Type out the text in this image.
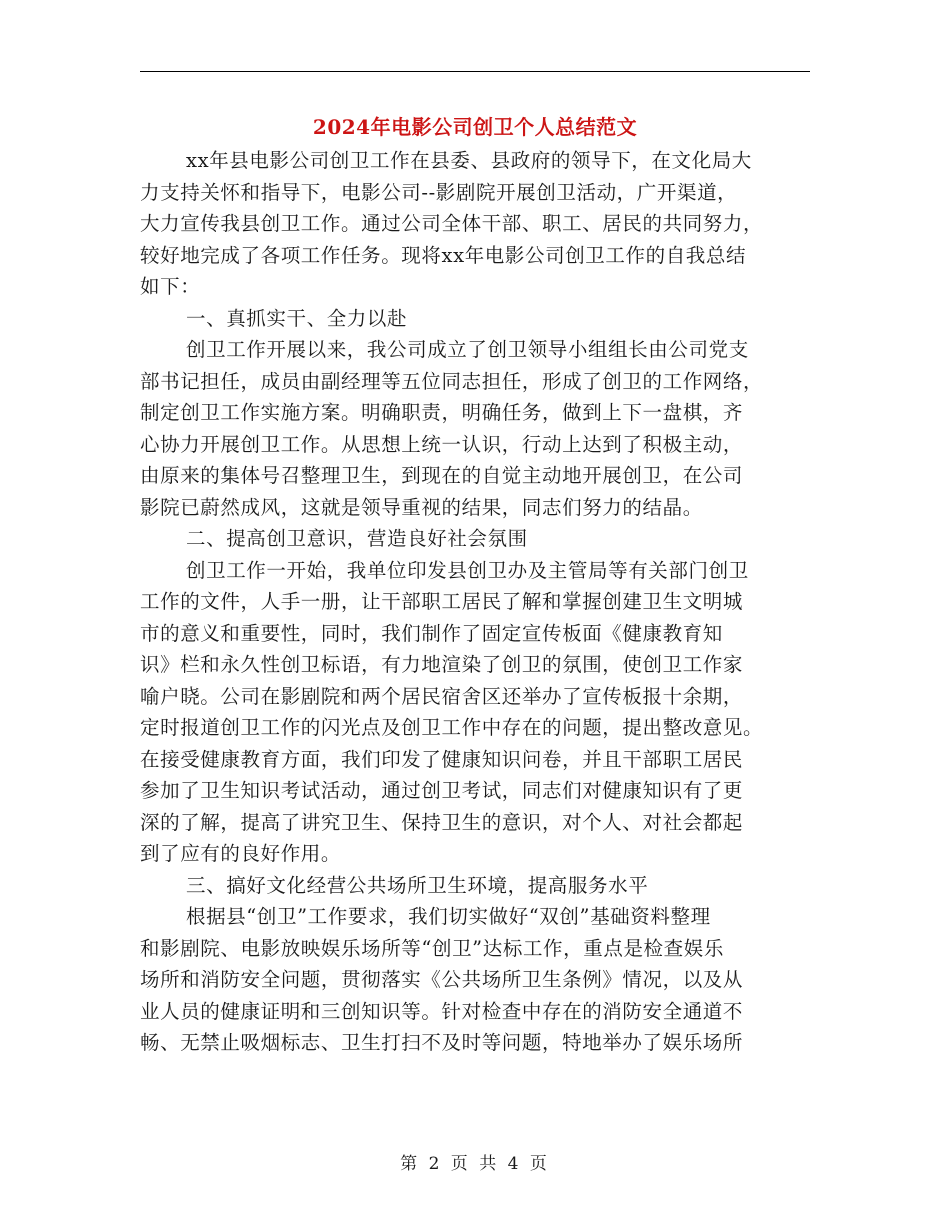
2024年电影公司创卫个人总结范文
xx年县电影公司创卫工作在县委、县政府的领导下，在文化局大
力支持关怀和指导下，电影公司--影剧院开展创卫活动，广开渠道，
大力宣传我县创卫工作。通过公司全体干部、职工、居民的共同努力，
较好地完成了各项工作任务。现将xx年电影公司创卫工作的自我总结
如下：
一、真抓实干、全力以赴
创卫工作开展以来，我公司成立了创卫领导小组组长由公司党支
部书记担任，成员由副经理等五位同志担任，形成了创卫的工作网络，
制定创卫工作实施方案。明确职责，明确任务，做到上下一盘棋，齐
心协力开展创卫工作。从思想上统一认识，行动上达到了积极主动，
由原来的集体号召整理卫生，到现在的自觉主动地开展创卫，在公司
影院已蔚然成风，这就是领导重视的结果，同志们努力的结晶。
二、提高创卫意识，营造良好社会氛围
创卫工作一开始，我单位印发县创卫办及主管局等有关部门创卫
工作的文件，人手一册，让干部职工居民了解和掌握创建卫生文明城
市的意义和重要性，同时，我们制作了固定宣传板面《健康教育知
识》栏和永久性创卫标语，有力地渲染了创卫的氛围，使创卫工作家
喻户晓。公司在影剧院和两个居民宿舍区还举办了宣传板报十余期，
定时报道创卫工作的闪光点及创卫工作中存在的问题，提出整改意见。
在接受健康教育方面，我们印发了健康知识问卷，并且干部职工居民
参加了卫生知识考试活动，通过创卫考试，同志们对健康知识有了更
深的了解，提高了讲究卫生、保持卫生的意识，对个人、对社会都起
到了应有的良好作用。
三、搞好文化经营公共场所卫生环境，提高服务水平
根据县“创卫”工作要求，我们切实做好“双创”基础资料整理
和影剧院、电影放映娱乐场所等“创卫”达标工作，重点是检查娱乐
场所和消防安全问题，贯彻落实《公共场所卫生条例》情况，以及从
业人员的健康证明和三创知识等。针对检查中存在的消防安全通道不
畅、无禁止吸烟标志、卫生打扫不及时等问题，特地举办了娱乐场所
第 2 页 共 4 页
